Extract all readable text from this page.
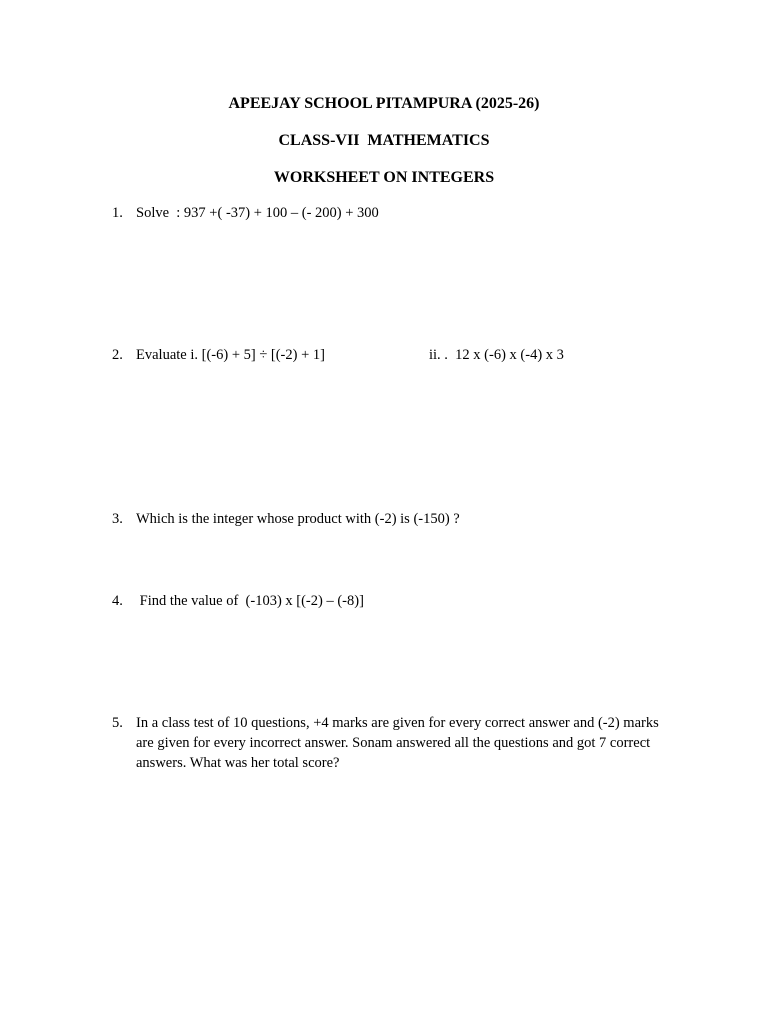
APEEJAY SCHOOL PITAMPURA (2025-26)
CLASS-VII  MATHEMATICS
WORKSHEET ON INTEGERS
1. Solve  : 937 +( -37) + 100 – (- 200) + 300
2. Evaluate i. [(-6) + 5] ÷ [(-2) + 1]	ii. .  12 x (-6) x (-4) x 3
3. Which is the integer whose product with (-2) is (-150) ?
4. Find the value of  (-103) x [(-2) – (-8)]
5. In a class test of 10 questions, +4 marks are given for every correct answer and (-2) marks are given for every incorrect answer. Sonam answered all the questions and got 7 correct answers. What was her total score?
